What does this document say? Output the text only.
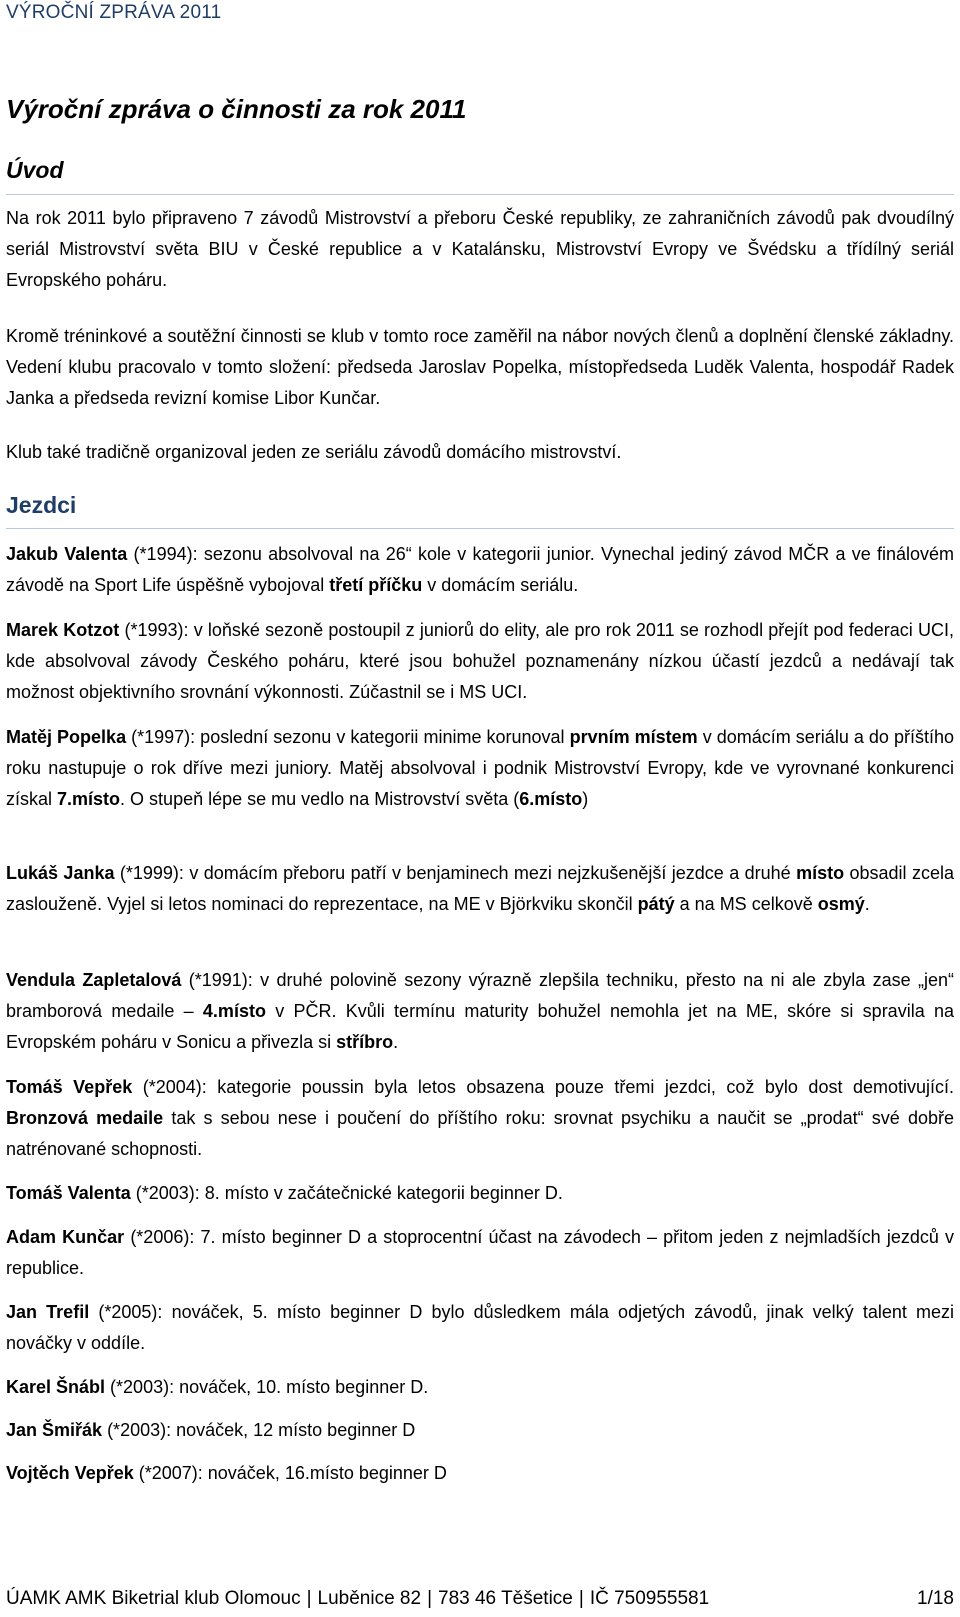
VÝROČNÍ ZPRÁVA 2011
Výroční zpráva o činnosti za rok 2011
Úvod

Na rok 2011 bylo připraveno 7 závodů Mistrovství a přeboru České republiky, ze zahraničních závodů pak dvoudílný seriál Mistrovství světa BIU v České republice a v Katalánsku, Mistrovství Evropy ve Švédsku a třídílný seriál Evropského poháru.

Kromě tréninkové a soutěžní činnosti se klub v tomto roce zaměřil na nábor nových členů a doplnění členské základny. Vedení klubu pracovalo v tomto složení: předseda Jaroslav Popelka, místopředseda Luděk Valenta, hospodář Radek Janka a předseda revizní komise Libor Kunčar.

Klub také tradičně organizoval jeden ze seriálu závodů domácího mistrovství.

Jezdci

Jakub Valenta (*1994): sezonu absolvoval na 26“ kole v kategorii junior. Vynechal jediný závod MČR a ve finálovém závodě na Sport Life úspěšně vybojoval třetí příčku v domácím seriálu.

Marek Kotzot (*1993): v loňské sezoně postoupil z juniorů do elity, ale pro rok 2011 se rozhodl přejít pod federaci UCI, kde absolvoval závody Českého poháru, které jsou bohužel poznamenány nízkou účastí jezdců a nedávají tak možnost objektivního srovnání výkonnosti. Zúčastnil se i MS UCI.

Matěj Popelka (*1997): poslední sezonu v kategorii minime korunoval prvním místem v domácím seriálu a do příštího roku nastupuje o rok dříve mezi juniory. Matěj absolvoval i podnik Mistrovství Evropy, kde ve vyrovnané konkurenci získal 7.místo. O stupeň lépe se mu vedlo na Mistrovství světa (6.místo)

Lukáš Janka (*1999): v domácím přeboru patří v benjaminech mezi nejzkušenější jezdce a druhé místo obsadil zcela zaslouženě. Vyjel si letos nominaci do reprezentace, na ME v Björkviku skončil pátý a na MS celkově osmý.

Vendula Zapletalová (*1991): v druhé polovině sezony výrazně zlepšila techniku, přesto na ni ale zbyla zase „jen“ bramborová medaile – 4.místo v PČR. Kvůli termínu maturity bohužel nemohla jet na ME, skóre si spravila na Evropském poháru v Sonicu a přivezla si stříbro.

Tomáš Vepřek (*2004): kategorie poussin byla letos obsazena pouze třemi jezdci, což bylo dost demotivující. Bronzová medaile tak s sebou nese i poučení do příštího roku: srovnat psychiku a naučit se „prodat“ své dobře natrénované schopnosti.

Tomáš Valenta (*2003): 8. místo v začátečnické kategorii beginner D.

Adam Kunčar (*2006): 7. místo beginner D a stoprocentní účast na závodech – přitom jeden z nejmladších jezdců v republice.

Jan Trefil (*2005): nováček, 5. místo beginner D bylo důsledkem mála odjetých závodů, jinak velký talent mezi nováčky v oddíle.

Karel Šnábl (*2003): nováček, 10. místo beginner D.

Jan Šmiřák (*2003): nováček, 12 místo beginner D

Vojtěch Vepřek (*2007): nováček, 16.místo beginner D

ÚAMK AMK Biketrial klub Olomouc | Luběnice 82 | 783 46 Těšetice | IČ 750955581	1/18
